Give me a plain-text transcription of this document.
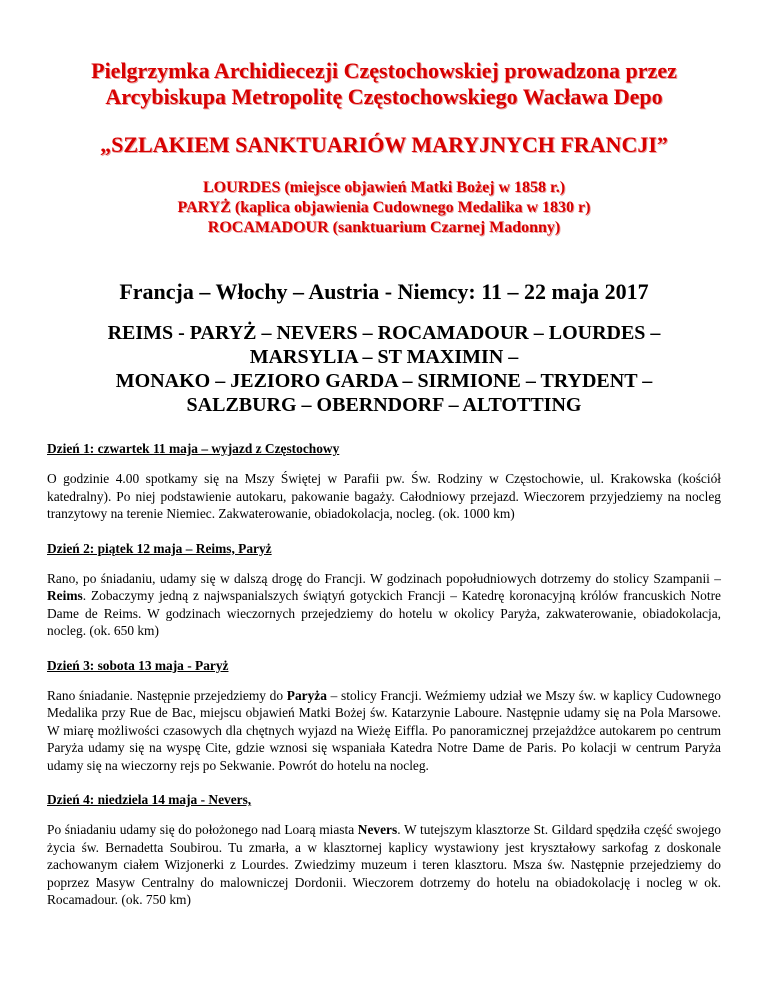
Pielgrzymka Archidiecezji Częstochowskiej prowadzona przez
Arcybiskupa Metropolitę Częstochowskiego Wacława Depo
„SZLAKIEM SANKTUARIÓW MARYJNYCH FRANCJI”
LOURDES (miejsce objawień Matki Bożej w 1858 r.)
PARYŻ (kaplica objawienia Cudownego Medalika w 1830 r)
ROCAMADOUR (sanktuarium Czarnej Madonny)
Francja – Włochy – Austria - Niemcy: 11 – 22 maja 2017
REIMS - PARYŻ – NEVERS – ROCAMADOUR – LOURDES –
MARSYLIA – ST MAXIMIN –
MONAKO – JEZIORO GARDA – SIRMIONE – TRYDENT –
SALZBURG – OBERNDORF – ALTOTTING
Dzień 1: czwartek 11 maja – wyjazd z Częstochowy
O godzinie 4.00 spotkamy się na Mszy Świętej w Parafii pw. Św. Rodziny w Częstochowie, ul. Krakowska (kościół katedralny). Po niej podstawienie autokaru, pakowanie bagaży. Całodniowy przejazd. Wieczorem przyjedziemy na nocleg tranzytowy na terenie Niemiec. Zakwaterowanie, obiadokolacja, nocleg. (ok. 1000 km)
Dzień 2: piątek 12 maja – Reims, Paryż
Rano, po śniadaniu, udamy się w dalszą drogę do Francji. W godzinach popołudniowych dotrzemy do stolicy Szampanii – Reims. Zobaczymy jedną z najwspanialszych świątyń gotyckich Francji – Katedrę koronacyjną królów francuskich Notre Dame de Reims. W godzinach wieczornych przejedziemy do hotelu w okolicy Paryża, zakwaterowanie, obiadokolacja, nocleg. (ok. 650 km)
Dzień 3: sobota 13 maja - Paryż
Rano śniadanie. Następnie przejedziemy do Paryża – stolicy Francji. Weźmiemy udział we Mszy św. w kaplicy Cudownego Medalika przy Rue de Bac, miejscu objawień Matki Bożej św. Katarzynie Laboure. Następnie udamy się na Pola Marsowe. W miarę możliwości czasowych dla chętnych wyjazd na Wieżę Eiffla. Po panoramicznej przejażdżce autokarem po centrum Paryża udamy się na wyspę Cite, gdzie wznosi się wspaniała Katedra Notre Dame de Paris. Po kolacji w centrum Paryża udamy się na wieczorny rejs po Sekwanie. Powrót do hotelu na nocleg.
Dzień 4: niedziela 14 maja - Nevers,
Po śniadaniu udamy się do położonego nad Loarą miasta Nevers. W tutejszym klasztorze St. Gildard spędziła część swojego życia św. Bernadetta Soubirou. Tu zmarła, a w klasztornej kaplicy wystawiony jest kryształowy sarkofag z doskonale zachowanym ciałem Wizjonerki z Lourdes. Zwiedzimy muzeum i teren klasztoru. Msza św. Następnie przejedziemy do poprzez Masyw Centralny do malowniczej Dordonii. Wieczorem dotrzemy do hotelu na obiadokolację i nocleg w ok. Rocamadour. (ok. 750 km)
